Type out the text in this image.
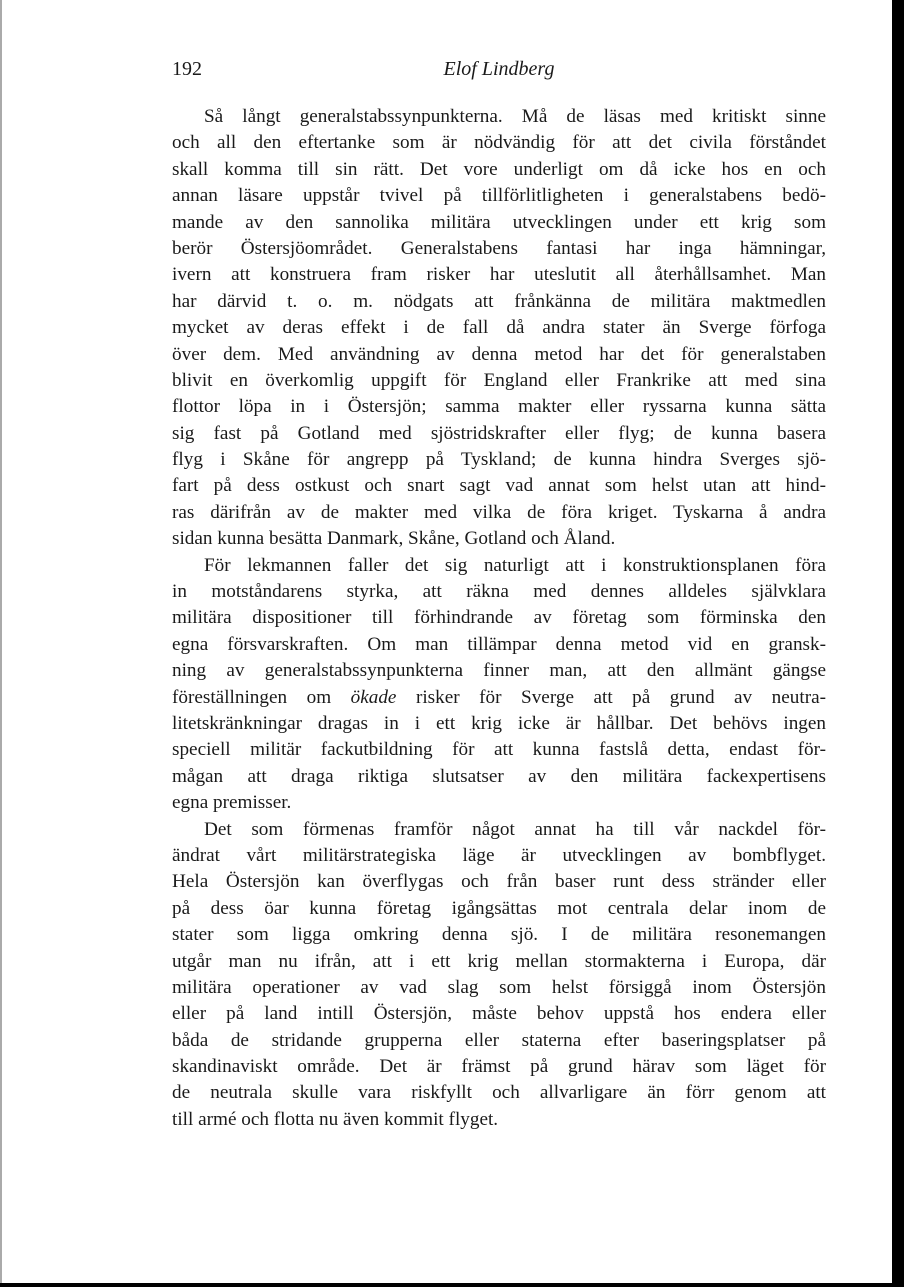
192	Elof Lindberg
Så långt generalstabssynpunkterna. Må de läsas med kritiskt sinne
och all den eftertanke som är nödvändig för att det civila förståndet
skall komma till sin rätt. Det vore underligt om då icke hos en och
annan läsare uppstår tvivel på tillförlitligheten i generalstabens bedö-
mande av den sannolika militära utvecklingen under ett krig som
berör Östersjöområdet. Generalstabens fantasi har inga hämningar,
ivern att konstruera fram risker har uteslutit all återhållsamhet. Man
har därvid t. o. m. nödgats att frånkänna de militära maktmedlen
mycket av deras effekt i de fall då andra stater än Sverge förfoga
över dem. Med användning av denna metod har det för generalstaben
blivit en överkomlig uppgift för England eller Frankrike att med sina
flottor löpa in i Östersjön; samma makter eller ryssarna kunna sätta
sig fast på Gotland med sjöstridskrafter eller flyg; de kunna basera
flyg i Skåne för angrepp på Tyskland; de kunna hindra Sverges sjö-
fart på dess ostkust och snart sagt vad annat som helst utan att hind-
ras därifrån av de makter med vilka de föra kriget. Tyskarna å andra
sidan kunna besätta Danmark, Skåne, Gotland och Åland.
För lekmannen faller det sig naturligt att i konstruktionsplanen föra
in motståndarens styrka, att räkna med dennes alldeles självklara
militära dispositioner till förhindrande av företag som förminska den
egna försvarskraften. Om man tillämpar denna metod vid en gransk-
ning av generalstabssynpunkterna finner man, att den allmänt gängse
föreställningen om ökade risker för Sverge att på grund av neutra-
litetskränkningar dragas in i ett krig icke är hållbar. Det behövs ingen
speciell militär fackutbildning för att kunna fastslå detta, endast för-
mågan att draga riktiga slutsatser av den militära fackexpertisens
egna premisser.
Det som förmenas framför något annat ha till vår nackdel för-
ändrat vårt militärstrategiska läge är utvecklingen av bombflyget.
Hela Östersjön kan överflygas och från baser runt dess stränder eller
på dess öar kunna företag igångsättas mot centrala delar inom de
stater som ligga omkring denna sjö. I de militära resonemangen
utgår man nu ifrån, att i ett krig mellan stormakterna i Europa, där
militära operationer av vad slag som helst försiggå inom Östersjön
eller på land intill Östersjön, måste behov uppstå hos endera eller
båda de stridande grupperna eller staterna efter baseringsplatser på
skandinaviskt område. Det är främst på grund härav som läget för
de neutrala skulle vara riskfyllt och allvarligare än förr genom att
till armé och flotta nu även kommit flyget.
